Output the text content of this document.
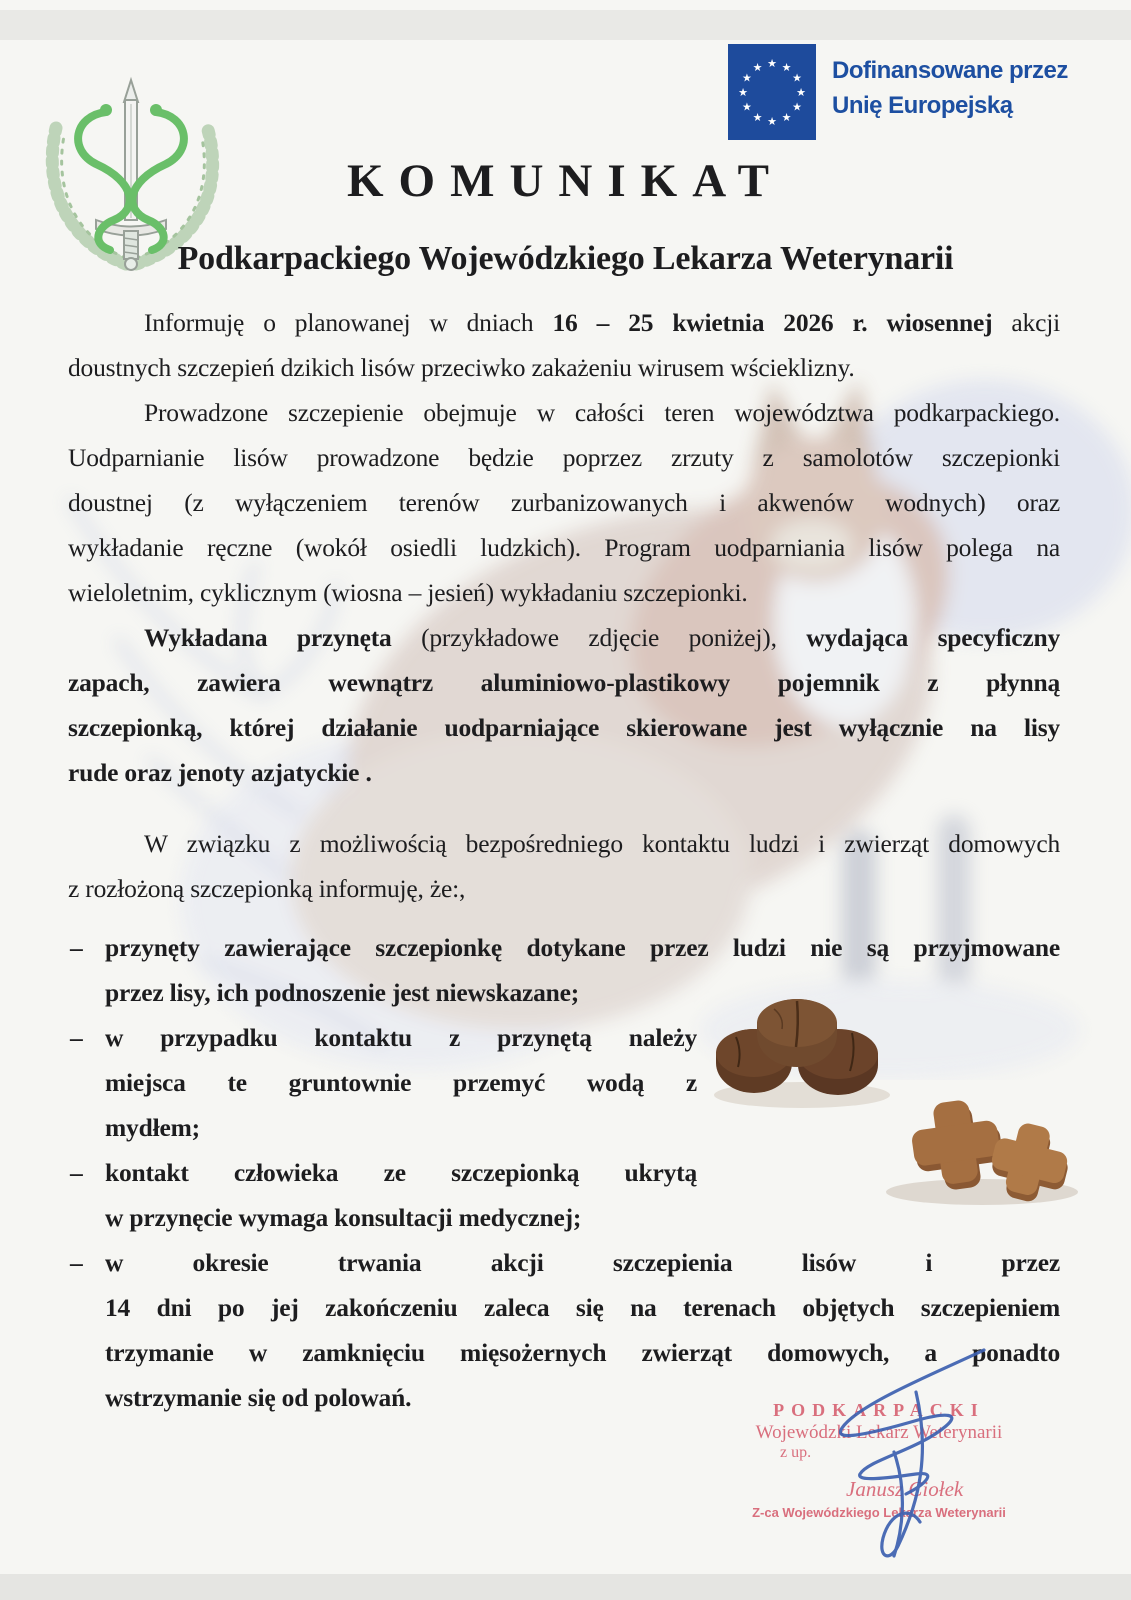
★ ★
★
★
★
★
★
★
★
★
★
★	Dofinansowane przez
Unię Europejską
KOMUNIKAT
Podkarpackiego Wojewódzkiego Lekarza Weterynarii

Informuję o planowanej w dniach 16 – 25 kwietnia 2026 r. wiosennej akcji
doustnych szczepień dzikich lisów przeciwko zakażeniu wirusem wścieklizny.

Prowadzone szczepienie obejmuje w całości teren województwa podkarpackiego.
Uodparnianie lisów prowadzone będzie poprzez zrzuty z samolotów szczepionki
doustnej (z wyłączeniem terenów zurbanizowanych i akwenów wodnych) oraz
wykładanie ręczne (wokół osiedli ludzkich). Program uodparniania lisów polega na
wieloletnim, cyklicznym (wiosna – jesień) wykładaniu szczepionki.

Wykładana przynęta (przykładowe zdjęcie poniżej), wydająca specyficzny
zapach, zawiera wewnątrz aluminiowo-plastikowy pojemnik z płynną
szczepionką, której działanie uodparniające skierowane jest wyłącznie na lisy
rude oraz jenoty azjatyckie .

W związku z możliwością bezpośredniego kontaktu ludzi i zwierząt domowych
z rozłożoną szczepionką informuję, że:,

– przynęty zawierające szczepionkę dotykane przez ludzi nie są przyjmowane
przez lisy, ich podnoszenie jest niewskazane;
– w przypadku kontaktu z przynętą należy
miejsca te gruntownie przemyć wodą z
mydłem;
– kontakt człowieka ze szczepionką ukrytą
w przynęcie wymaga konsultacji medycznej;
– w okresie trwania akcji szczepienia lisów i przez
14 dni po jej zakończeniu zaleca się na terenach objętych szczepieniem
trzymanie w zamknięciu mięsożernych zwierząt domowych, a ponadto
wstrzymanie się od polowań.	PODKARPACKI
Wojewódzki Lekarz Weterynarii
z up.
Janusz Ciołek
Z-ca Wojewódzkiego Lekarza Weterynarii
